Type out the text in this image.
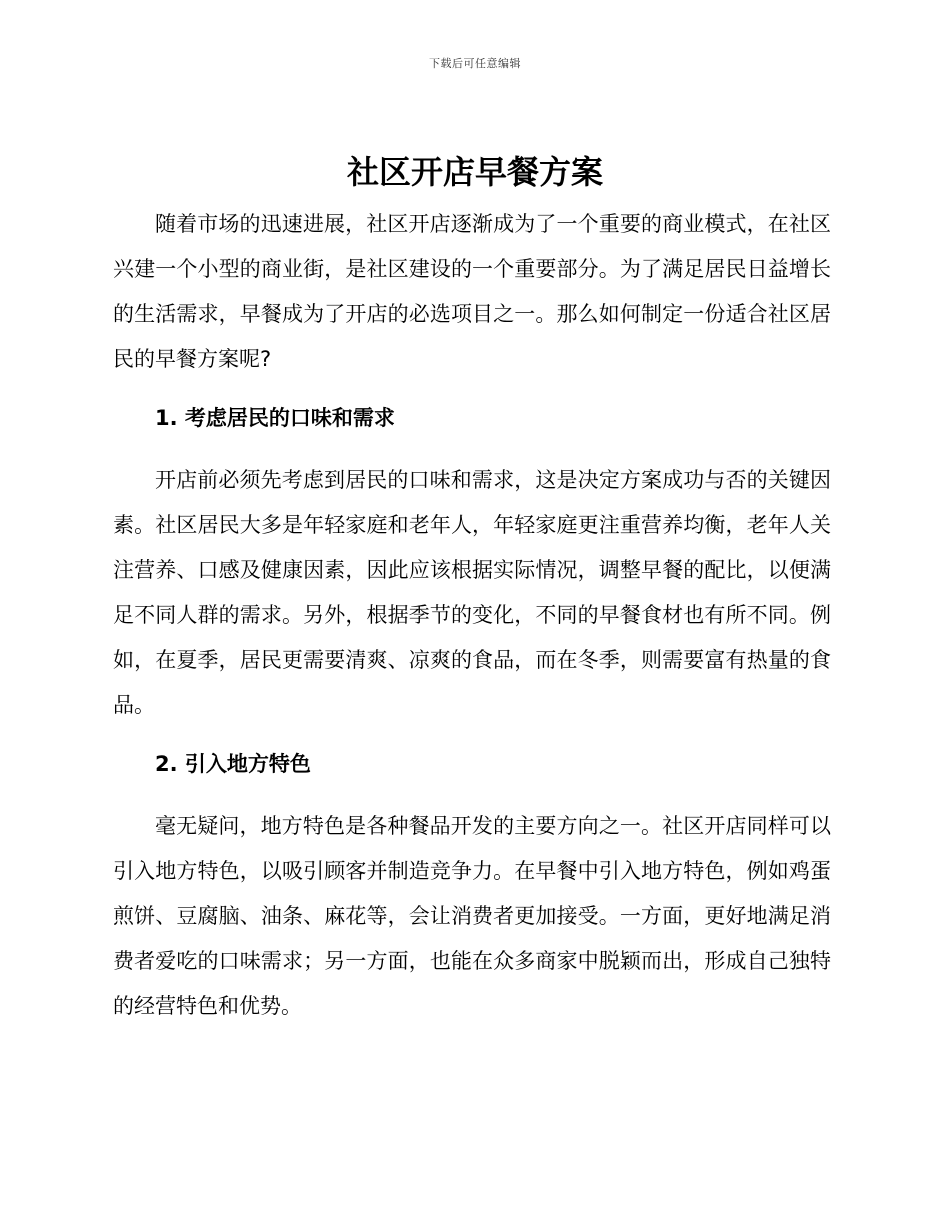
下载后可任意编辑
社区开店早餐方案

随着市场的迅速进展，社区开店逐渐成为了一个重要的商业模式，在社区兴建一个小型的商业街，是社区建设的一个重要部分。为了满足居民日益增长的生活需求，早餐成为了开店的必选项目之一。那么如何制定一份适合社区居民的早餐方案呢?

1. 考虑居民的口味和需求

开店前必须先考虑到居民的口味和需求，这是决定方案成功与否的关键因素。社区居民大多是年轻家庭和老年人，年轻家庭更注重营养均衡，老年人关注营养、口感及健康因素，因此应该根据实际情况，调整早餐的配比，以便满足不同人群的需求。另外，根据季节的变化，不同的早餐食材也有所不同。例如，在夏季，居民更需要清爽、凉爽的食品，而在冬季，则需要富有热量的食品。

2. 引入地方特色

毫无疑问，地方特色是各种餐品开发的主要方向之一。社区开店同样可以引入地方特色，以吸引顾客并制造竞争力。在早餐中引入地方特色，例如鸡蛋煎饼、豆腐脑、油条、麻花等，会让消费者更加接受。一方面，更好地满足消费者爱吃的口味需求；另一方面，也能在众多商家中脱颖而出，形成自己独特的经营特色和优势。
